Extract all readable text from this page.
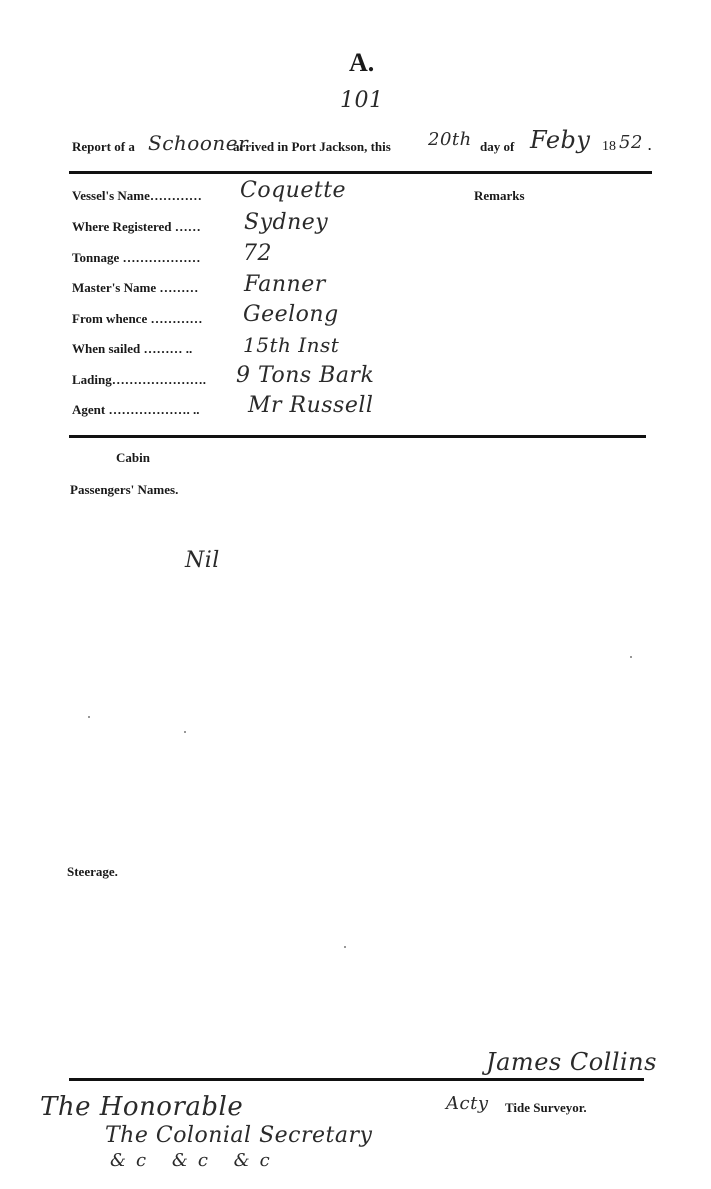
A.
101
Report of a Schooner
arrived in Port Jackson, this 20th day of Feby 18 52 .
Vessel's Name………… Coquette
Where Registered …… Sydney
Tonnage ……………… 72
Master's Name ……… Fanner
From whence ………… Geelong
When sailed ……… ..	15th Inst
Lading…………………. 9 Tons Bark
Agent ………………. .. Mr Russell
Remarks
Cabin
Passengers' Names.
Nil
Steerage.
James Collins
Acty Tide Surveyor.
The Honorable
The Colonial Secretary
&c &c &c
